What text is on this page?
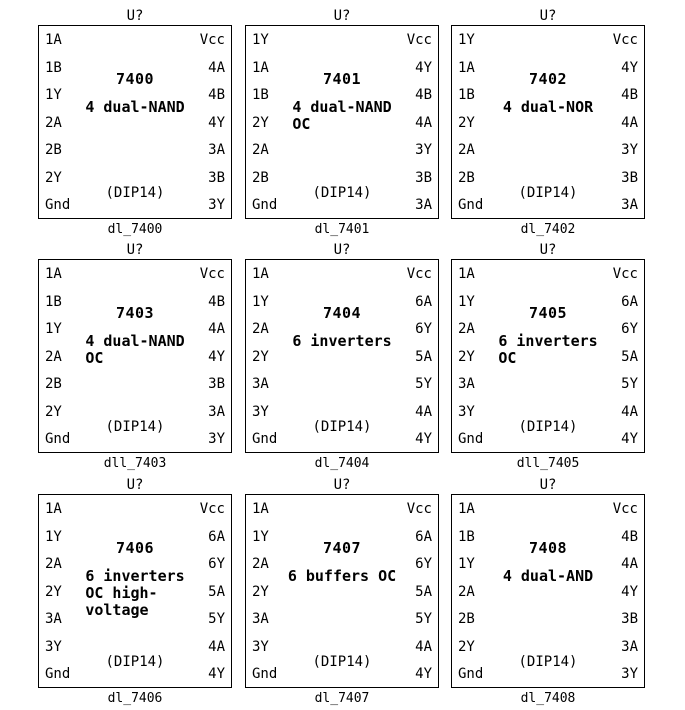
U?
1A
1B
1Y
2A
2B
2Y
Gnd
Vcc
4A
4B
4Y
3A
3B
3Y
7400
4 dual-NAND
(DIP14)
dl_7400
U?
1Y
1A
1B
2Y
2A
2B
Gnd
Vcc
4Y
4B
4A
3Y
3B
3A
7401
4 dual-NAND
OC
(DIP14)
dl_7401
U?
1Y
1A
1B
2Y
2A
2B
Gnd
Vcc
4Y
4B
4A
3Y
3B
3A
7402
4 dual-NOR
(DIP14)
dl_7402
U?
1A
1B
1Y
2A
2B
2Y
Gnd
Vcc
4B
4A
4Y
3B
3A
3Y
7403
4 dual-NAND
OC
(DIP14)
dll_7403
U?
1A
1Y
2A
2Y
3A
3Y
Gnd
Vcc
6A
6Y
5A
5Y
4A
4Y
7404
6 inverters
(DIP14)
dl_7404
U?
1A
1Y
2A
2Y
3A
3Y
Gnd
Vcc
6A
6Y
5A
5Y
4A
4Y
7405
6 inverters
OC
(DIP14)
dll_7405
U?
1A
1Y
2A
2Y
3A
3Y
Gnd
Vcc
6A
6Y
5A
5Y
4A
4Y
7406
6 inverters
OC high-
voltage
(DIP14)
dl_7406
U?
1A
1Y
2A
2Y
3A
3Y
Gnd
Vcc
6A
6Y
5A
5Y
4A
4Y
7407
6 buffers OC
(DIP14)
dl_7407
U?
1A
1B
1Y
2A
2B
2Y
Gnd
Vcc
4B
4A
4Y
3B
3A
3Y
7408
4 dual-AND
(DIP14)
dl_7408
